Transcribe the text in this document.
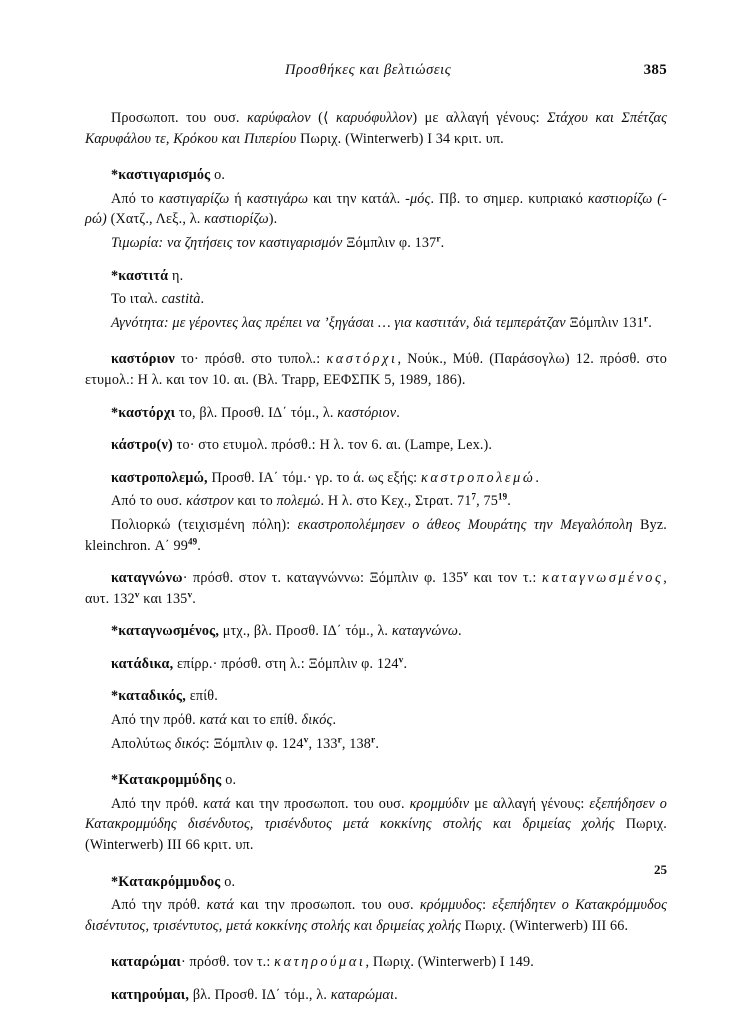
Προσθήκες και βελτιώσεις	385

Προσωποπ. του ουσ. καρύφαλον (⟨ καρυόφυλλον) με αλλαγή γένους: Στάχου και Σπέτζας Καρυφάλου τε, Κρόκου και Πιπερίου Πωριχ. (Winterwerb) I 34 κριτ. υπ.

*καστιγαρισμός ο.

Από το καστιγαρίζω ή καστιγάρω και την κατάλ. -μός. Πβ. το σημερ. κυπριακό καστιορίζω (-ρώ) (Χατζ., Λεξ., λ. καστιορίζω).

Τιμωρία: να ζητήσεις τον καστιγαρισμόν Ξόμπλιν φ. 137$^r$.

*καστιτά η.

Το ιταλ. castità.

Αγνότητα: με γέροντες λας πρέπει να ’ξηγάσαι … για καστιτάν, διά τεμπεράτζαν Ξόμπλιν 131$^r$.

καστόριον το· πρόσθ. στο τυπολ.: καστόρχι, Νούκ., Μύθ. (Παράσογλω) 12. πρόσθ. στο ετυμολ.: Η λ. και τον 10. αι. (Βλ. Trapp, ΕΕΦΣΠΚ 5, 1989, 186).

*καστόρχι το, βλ. Προσθ. ΙΔ΄ τόμ., λ. καστόριον.

κάστρο(ν) το· στο ετυμολ. πρόσθ.: Η λ. τον 6. αι. (Lampe, Lex.).

καστροπολεμώ, Προσθ. ΙΑ΄ τόμ.· γρ. το ά. ως εξής: καστροπολεμώ.

Από το ουσ. κάστρον και το πολεμώ. Η λ. στο Κεχ., Στρατ. $71^7$, $75^{19}$.

Πολιορκώ (τειχισμένη πόλη): εκαστροπολέμησεν ο άθεος Μουράτης την Μεγαλόπολη Byz. kleinchron. Α΄ $99^{49}$.

καταγνώνω· πρόσθ. στον τ. καταγνώννω: Ξόμπλιν φ. 135$^v$ και τον τ.: καταγνωσμένος, αυτ. 132$^v$ και 135$^v$.

*καταγνωσμένος, μτχ., βλ. Προσθ. ΙΔ΄ τόμ., λ. καταγνώνω.

κατάδικα, επίρρ.· πρόσθ. στη λ.: Ξόμπλιν φ. 124$^v$.

*καταδικός, επίθ.

Από την πρόθ. κατά και το επίθ. δικός.

Απολύτως δικός: Ξόμπλιν φ. 124$^v$, 133$^r$, 138$^r$.

*Κατακρομμύδης ο.

Από την πρόθ. κατά και την προσωποπ. του ουσ. κρομμύδιν με αλλαγή γένους: εξεπήδησεν ο Κατακρομμύδης δισένδυτος, τρισένδυτος μετά κοκκίνης στολής και δριμείας χολής Πωριχ. (Winterwerb) III 66 κριτ. υπ.

*Κατακρόμμυδος ο.

Από την πρόθ. κατά και την προσωποπ. του ουσ. κρόμμυδος: εξεπήδητεν ο Κατακρόμμυδος δισέντυτος, τρισέντυτος, μετά κοκκίνης στολής και δριμείας χολής Πωριχ. (Winterwerb) III 66.

καταρώμαι· πρόσθ. τον τ.: κατηρούμαι, Πωριχ. (Winterwerb) I 149.

κατηρούμαι, βλ. Προσθ. ΙΔ΄ τόμ., λ. καταρώμαι.

25
